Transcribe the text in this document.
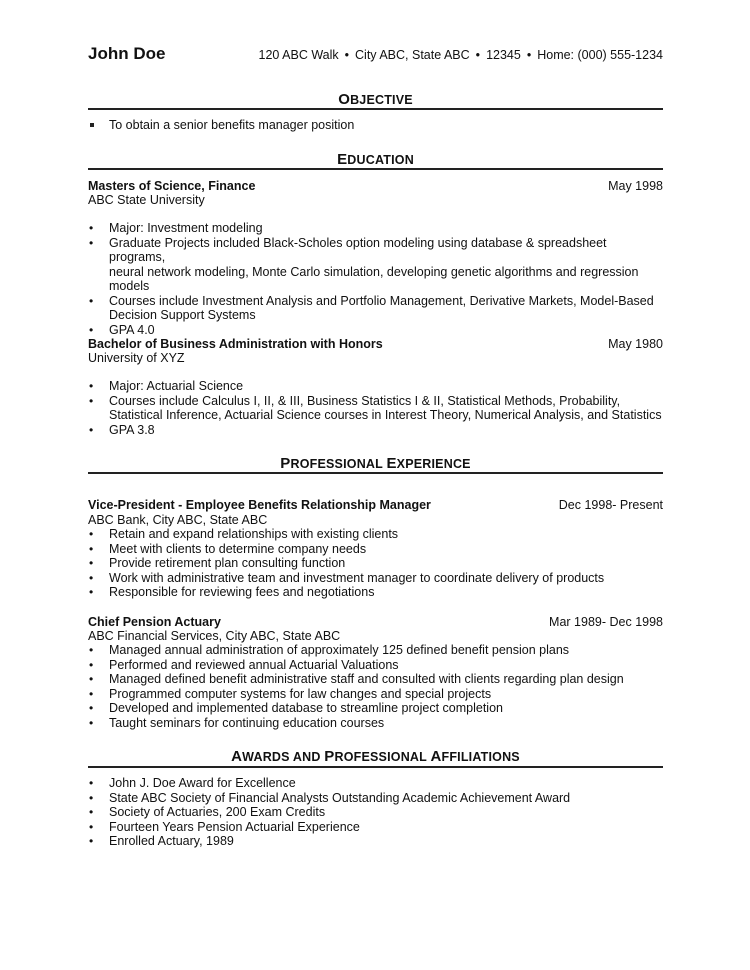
John Doe	120 ABC Walk • City ABC, State ABC • 12345 • Home: (000) 555-1234
OBJECTIVE
To obtain a senior benefits manager position
EDUCATION
Masters of Science, Finance	May 1998
ABC State University
• Major: Investment modeling
• Graduate Projects included Black-Scholes option modeling using database & spreadsheet programs,
neural network modeling, Monte Carlo simulation, developing genetic algorithms and regression
models
• Courses include Investment Analysis and Portfolio Management, Derivative Markets, Model-Based
Decision Support Systems
• GPA 4.0
Bachelor of Business Administration with Honors	May 1980
University of XYZ
• Major: Actuarial Science
• Courses include Calculus I, II, & III, Business Statistics I & II, Statistical Methods, Probability,
Statistical Inference, Actuarial Science courses in Interest Theory, Numerical Analysis, and Statistics
• GPA 3.8
PROFESSIONAL EXPERIENCE
Vice-President - Employee Benefits Relationship Manager	Dec 1998- Present
ABC Bank, City ABC, State ABC
• Retain and expand relationships with existing clients
• Meet with clients to determine company needs
• Provide retirement plan consulting function
• Work with administrative team and investment manager to coordinate delivery of products
• Responsible for reviewing fees and negotiations
Chief Pension Actuary	Mar 1989- Dec 1998
ABC Financial Services, City ABC, State ABC
• Managed annual administration of approximately 125 defined benefit pension plans
• Performed and reviewed annual Actuarial Valuations
• Managed defined benefit administrative staff and consulted with clients regarding plan design
• Programmed computer systems for law changes and special projects
• Developed and implemented database to streamline project completion
• Taught seminars for continuing education courses
AWARDS AND PROFESSIONAL AFFILIATIONS
• John J. Doe Award for Excellence
• State ABC Society of Financial Analysts Outstanding Academic Achievement Award
• Society of Actuaries, 200 Exam Credits
• Fourteen Years Pension Actuarial Experience
• Enrolled Actuary, 1989
